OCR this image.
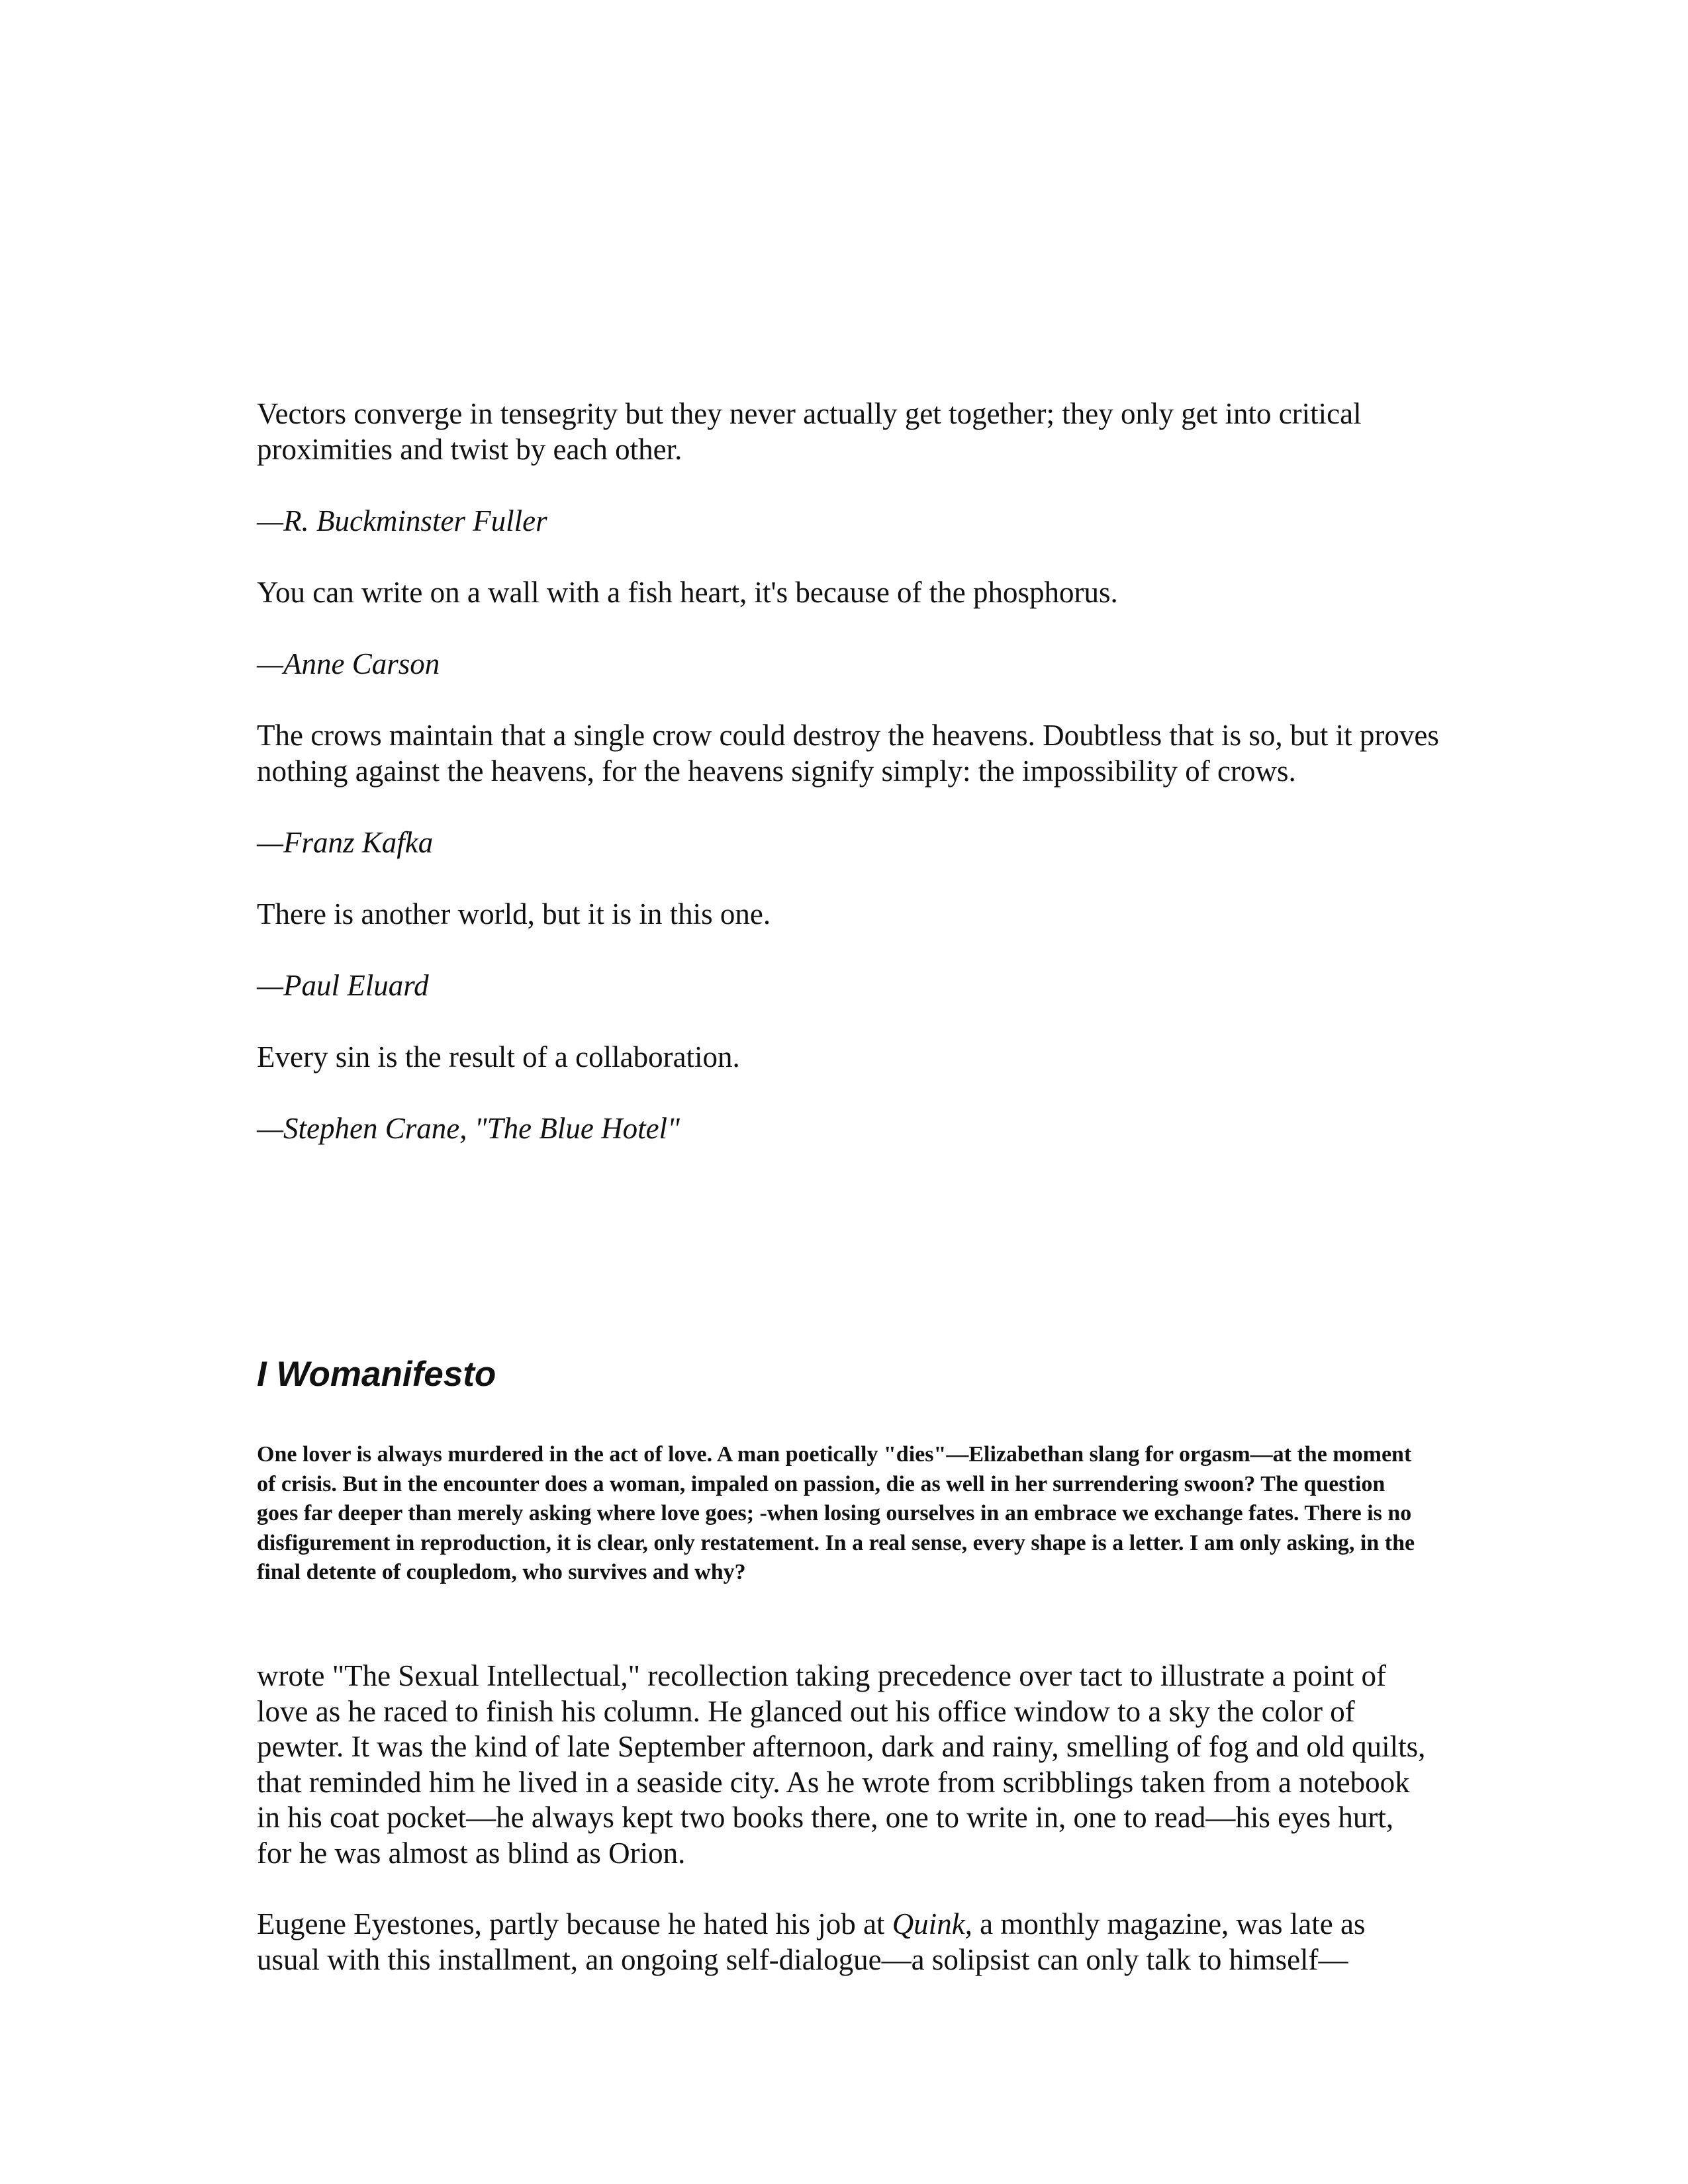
Vectors converge in tensegrity but they never actually get together; they only get into critical proximities and twist by each other.

—R. Buckminster Fuller

You can write on a wall with a fish heart, it's because of the phosphorus.

—Anne Carson

The crows maintain that a single crow could destroy the heavens. Doubtless that is so, but it proves nothing against the heavens, for the heavens signify simply: the impossibility of crows.

—Franz Kafka

There is another world, but it is in this one.

—Paul Eluard

Every sin is the result of a collaboration.

—Stephen Crane, "The Blue Hotel"

I Womanifesto

One lover is always murdered in the act of love. A man poetically "dies"—Elizabethan slang for orgasm—at the moment of crisis. But in the encounter does a woman, impaled on passion, die as well in her surrendering swoon? The question goes far deeper than merely asking where love goes; -when losing ourselves in an embrace we exchange fates. There is no disfigurement in reproduction, it is clear, only restatement. In a real sense, every shape is a letter. I am only asking, in the final detente of coupledom, who survives and why?

wrote "The Sexual Intellectual," recollection taking precedence over tact to illustrate a point of love as he raced to finish his column. He glanced out his office window to a sky the color of pewter. It was the kind of late September afternoon, dark and rainy, smelling of fog and old quilts, that reminded him he lived in a seaside city. As he wrote from scribblings taken from a notebook in his coat pocket—he always kept two books there, one to write in, one to read—his eyes hurt, for he was almost as blind as Orion.

Eugene Eyestones, partly because he hated his job at Quink, a monthly magazine, was late as usual with this installment, an ongoing self-dialogue—a solipsist can only talk to himself—
